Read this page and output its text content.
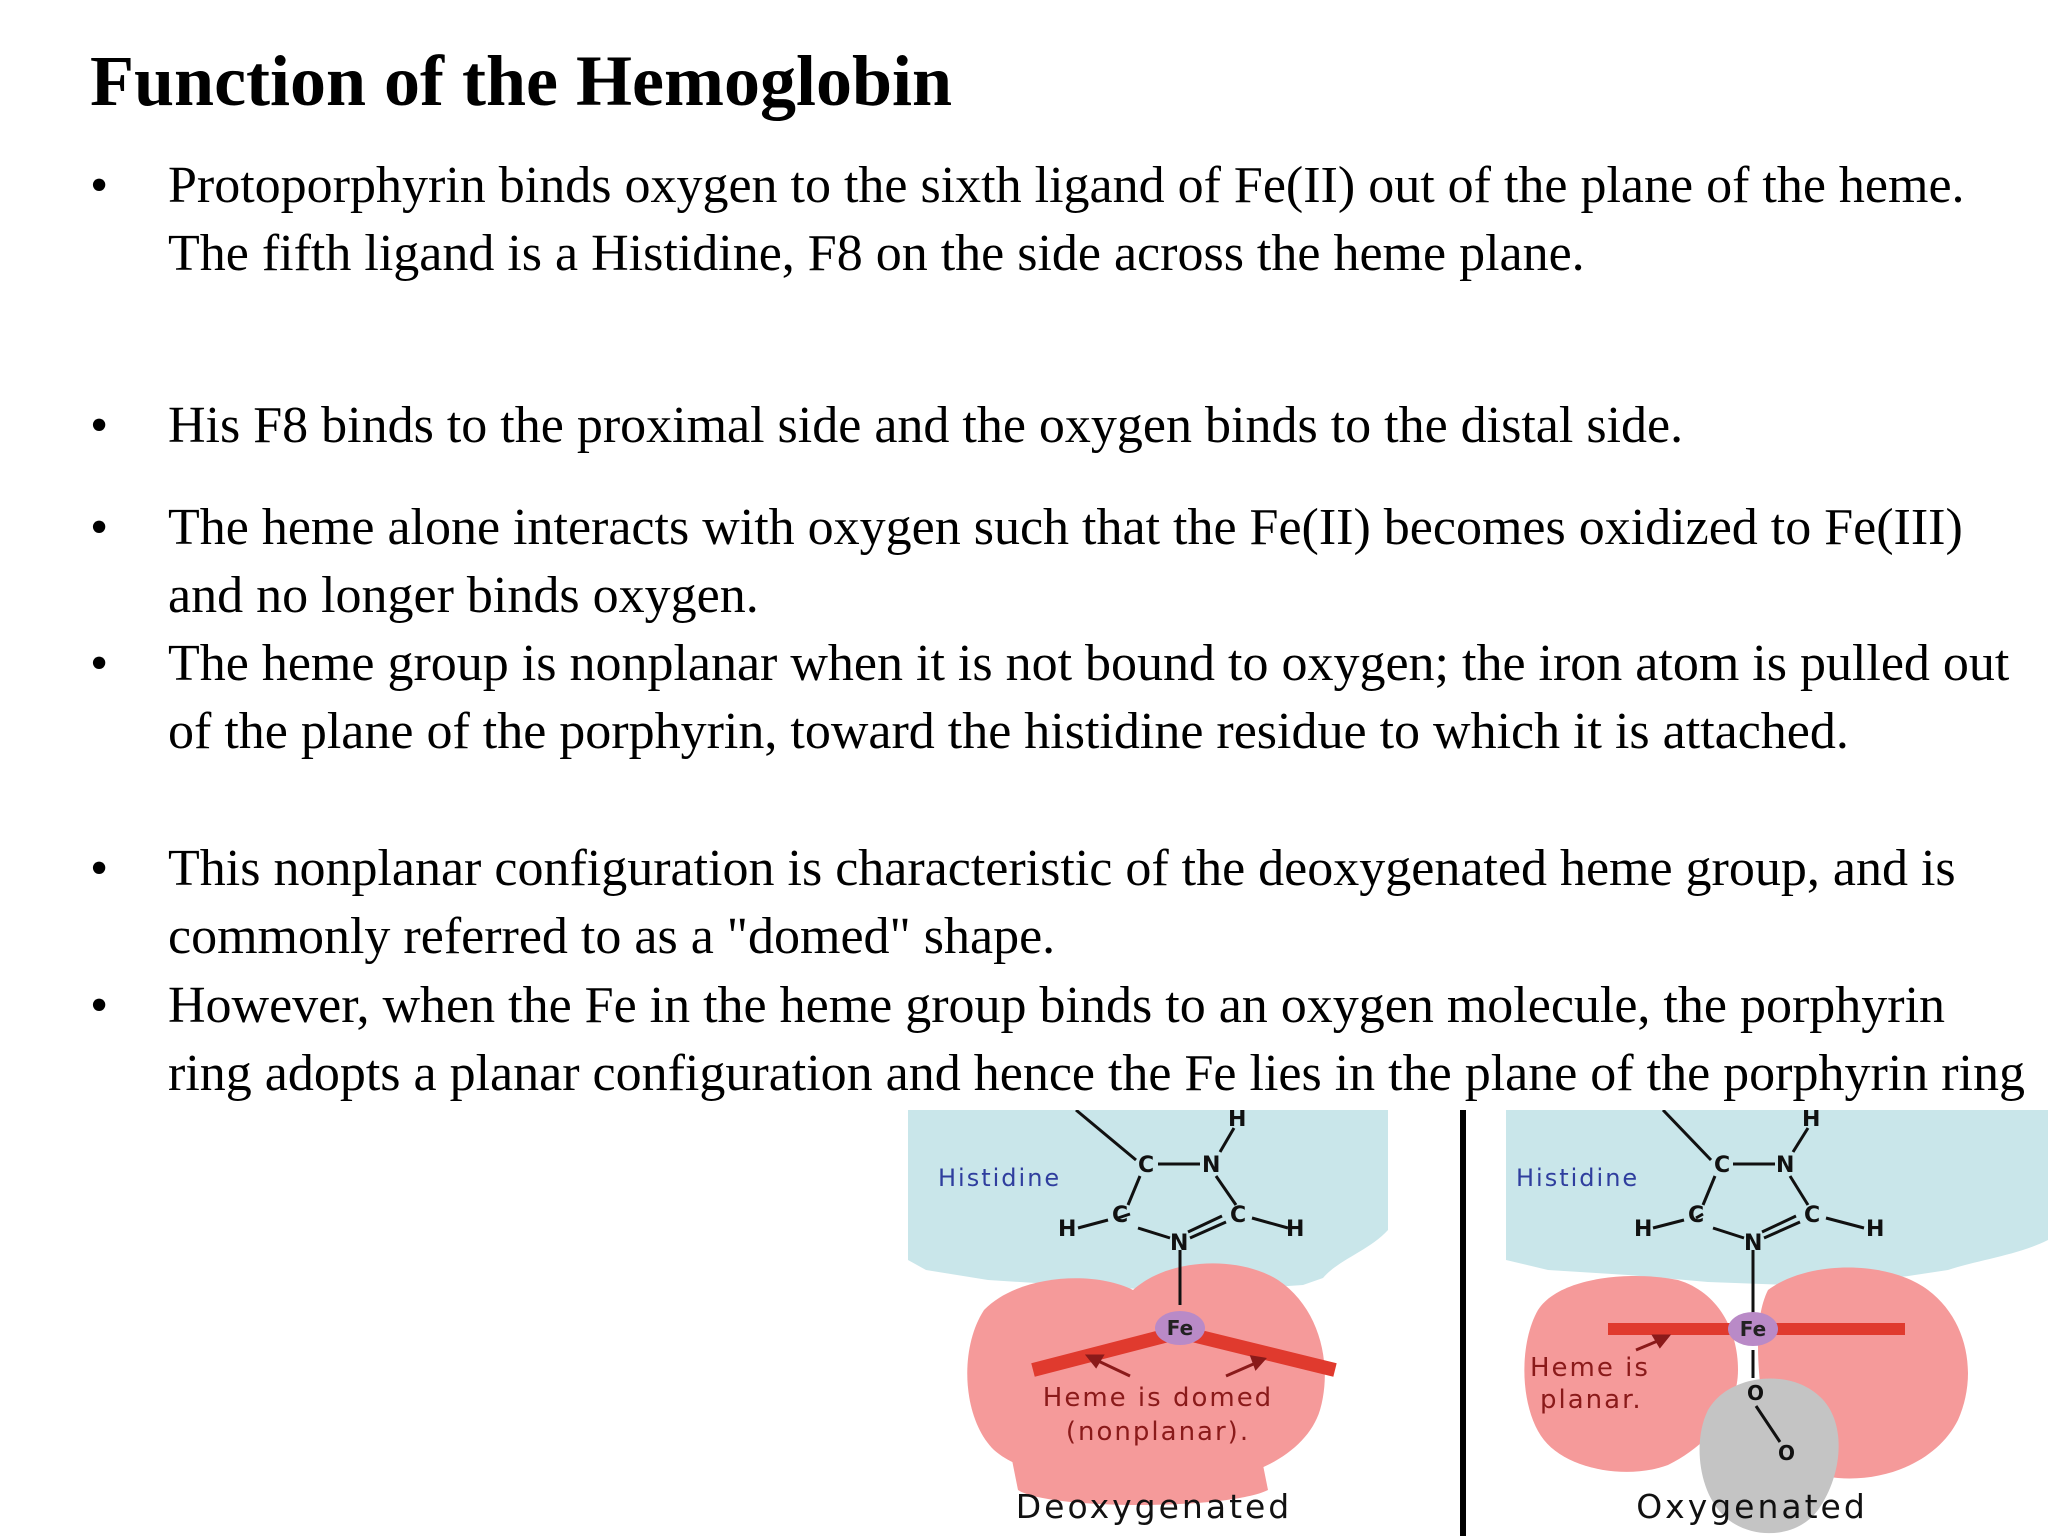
Function of the Hemoglobin
• Protoporphyrin binds oxygen to the sixth ligand of Fe(II) out of the plane of the heme. The fifth ligand is a Histidine, F8 on the side across the heme plane.
• His F8 binds to the proximal side and the oxygen binds to the distal side.
• The heme alone interacts with oxygen such that the Fe(II) becomes oxidized to Fe(III) and no longer binds oxygen.
• The heme group is nonplanar when it is not bound to oxygen; the iron atom is pulled out of the plane of the porphyrin, toward the histidine residue to which it is attached.
• This nonplanar configuration is characteristic of the deoxygenated heme group, and is commonly referred to as a "domed" shape.
• However, when the Fe in the heme group binds to an oxygen molecule, the porphyrin ring adopts a planar configuration and hence the Fe lies in the plane of the porphyrin ring
C N
H
C	C
H	H
N
Histidine
Fe
Heme is domed
(nonplanar).
Deoxygenated
C N
H
C	C
H	H
N
Histidine
Fe
O
O
Heme is
planar.
Oxygenated
